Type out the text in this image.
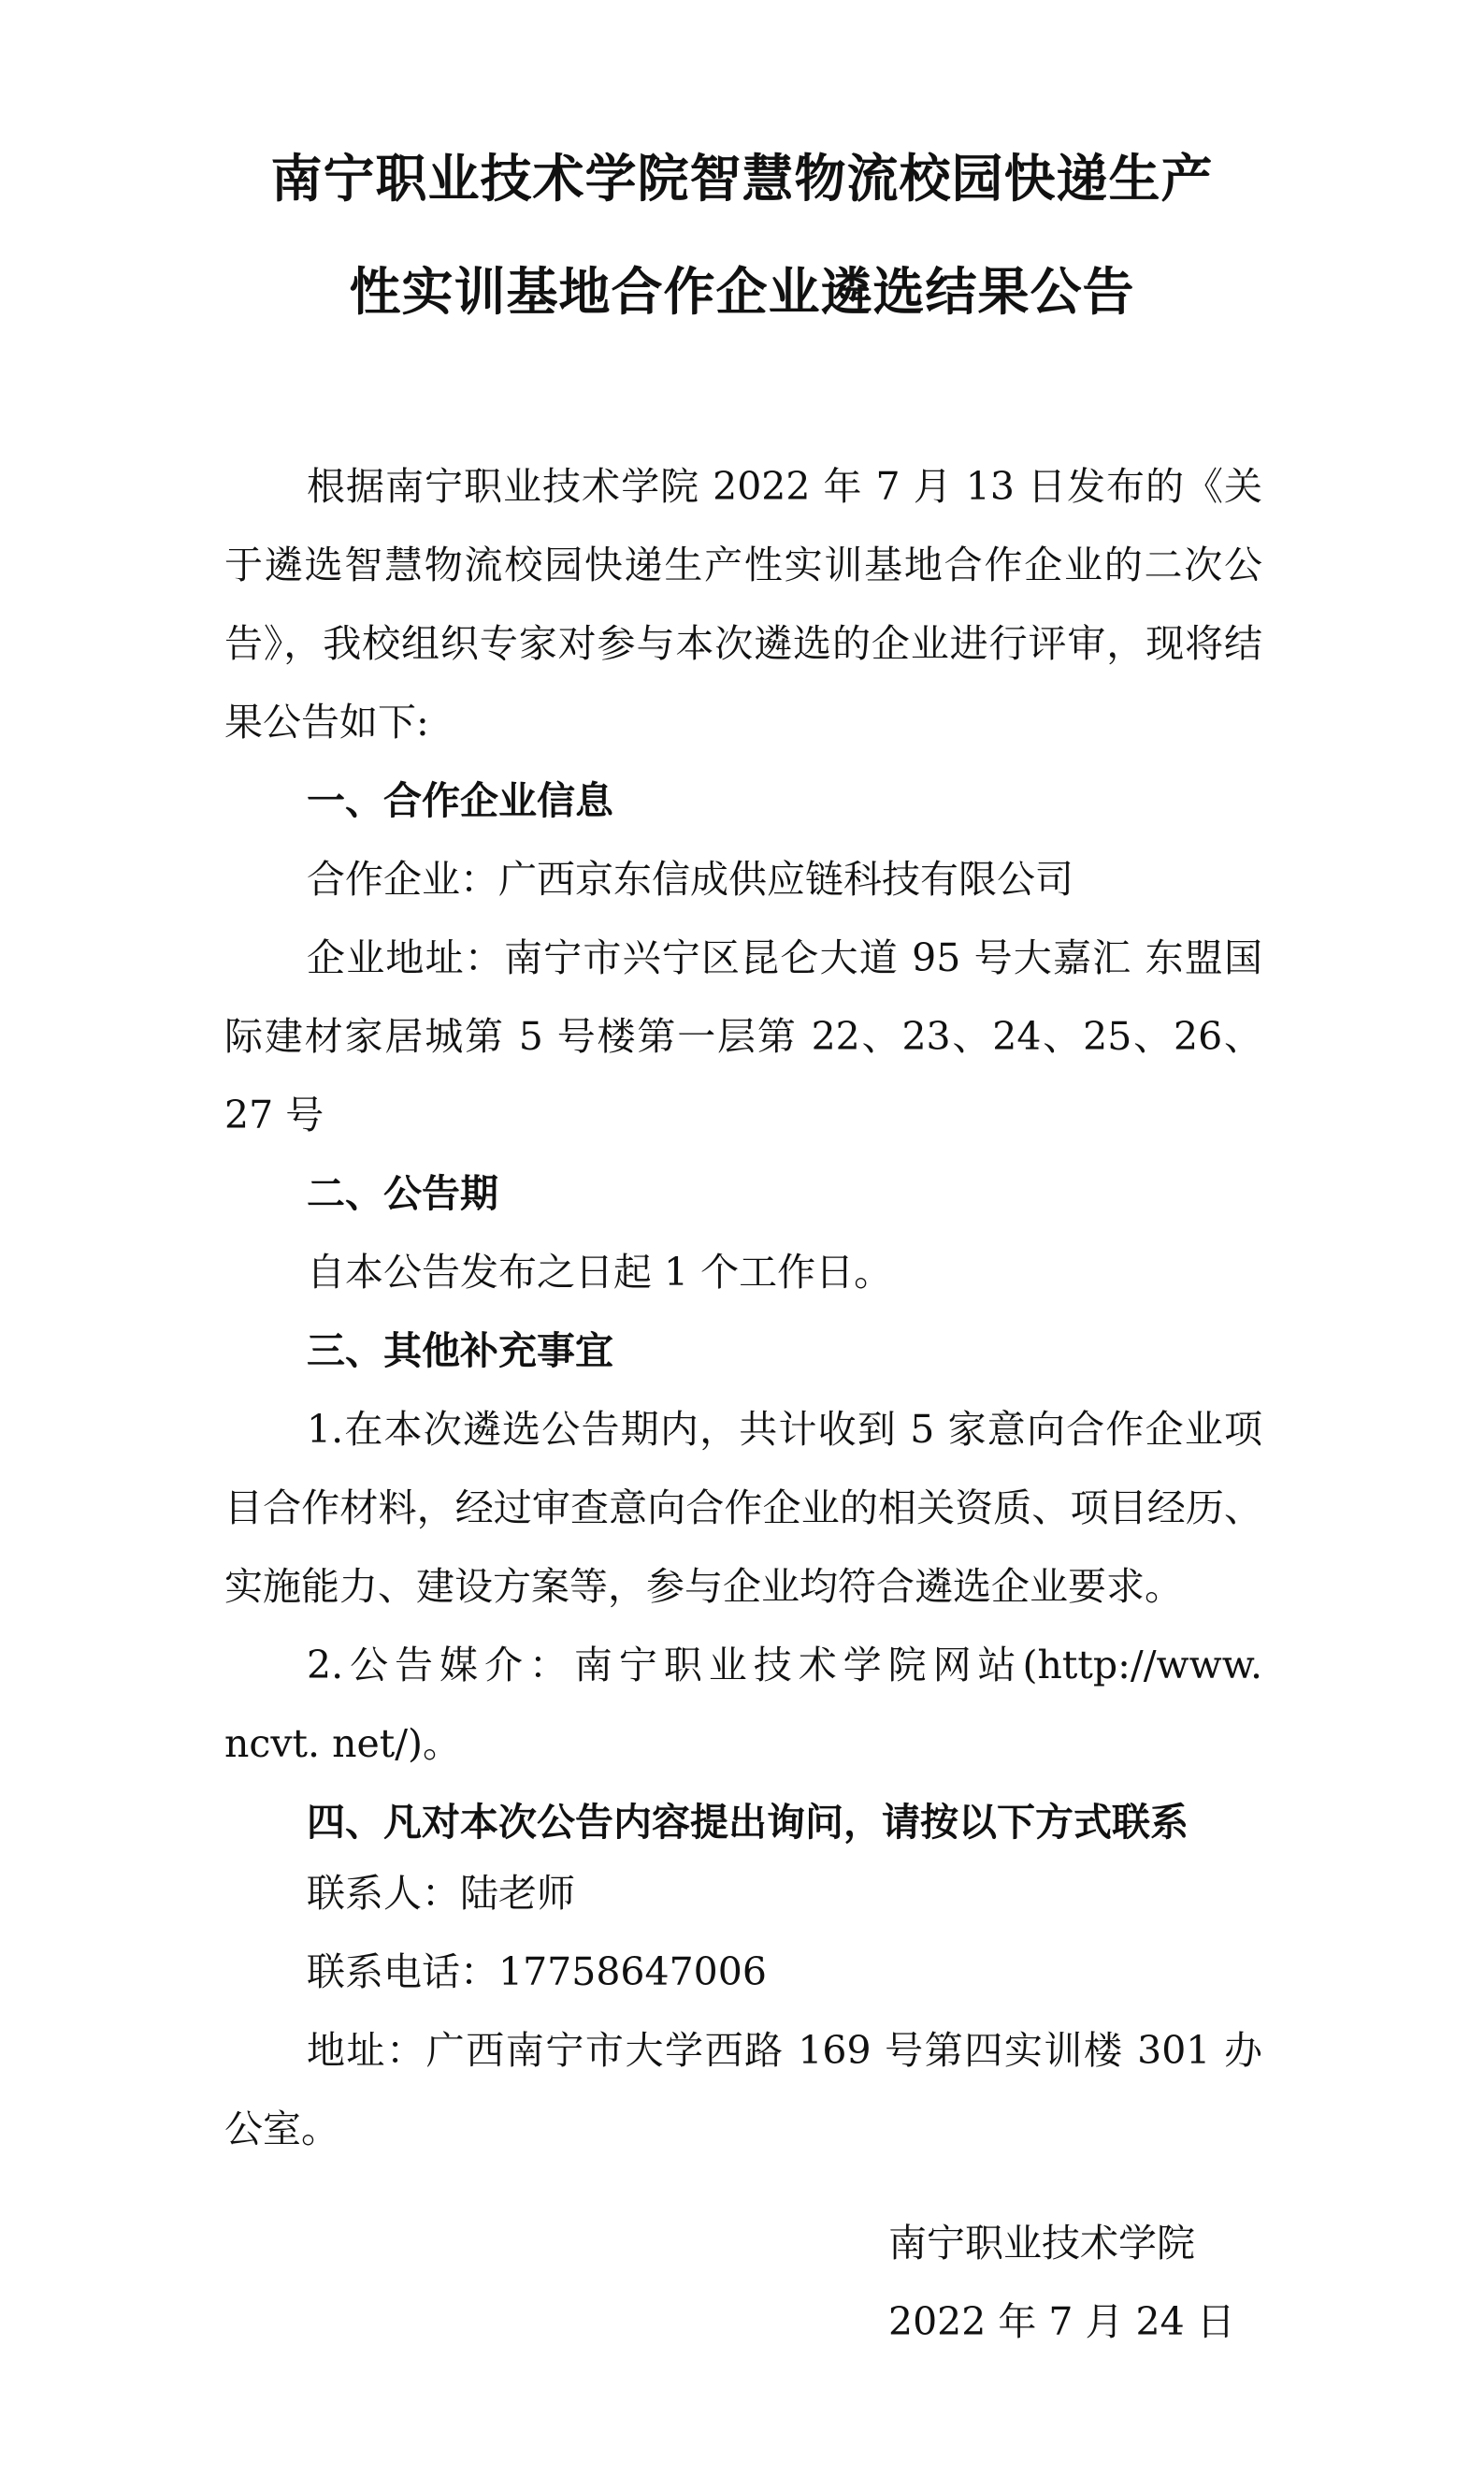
南宁职业技术学院智慧物流校园快递生产
性实训基地合作企业遴选结果公告

根据南宁职业技术学院 2022 年 7 月 13 日发布的《关于遴选智慧物流校园快递生产性实训基地合作企业的二次公告》，我校组织专家对参与本次遴选的企业进行评审，现将结果公告如下:

一、合作企业信息

合作企业：广西京东信成供应链科技有限公司

企业地址：南宁市兴宁区昆仑大道 95 号大嘉汇 东盟国际建材家居城第 5 号楼第一层第 22、23、24、25、26、27 号

二、公告期

自本公告发布之日起 1 个工作日。

三、其他补充事宜

1.在本次遴选公告期内，共计收到 5 家意向合作企业项目合作材料，经过审查意向合作企业的相关资质、项目经历、实施能力、建设方案等，参与企业均符合遴选企业要求。

2.公告媒介：南宁职业技术学院网站(http://www. ncvt. net/)。

四、凡对本次公告内容提出询问，请按以下方式联系

联系人：陆老师

联系电话：17758647006

地址：广西南宁市大学西路 169 号第四实训楼 301 办公室。

南宁职业技术学院

2022 年 7 月 24 日
